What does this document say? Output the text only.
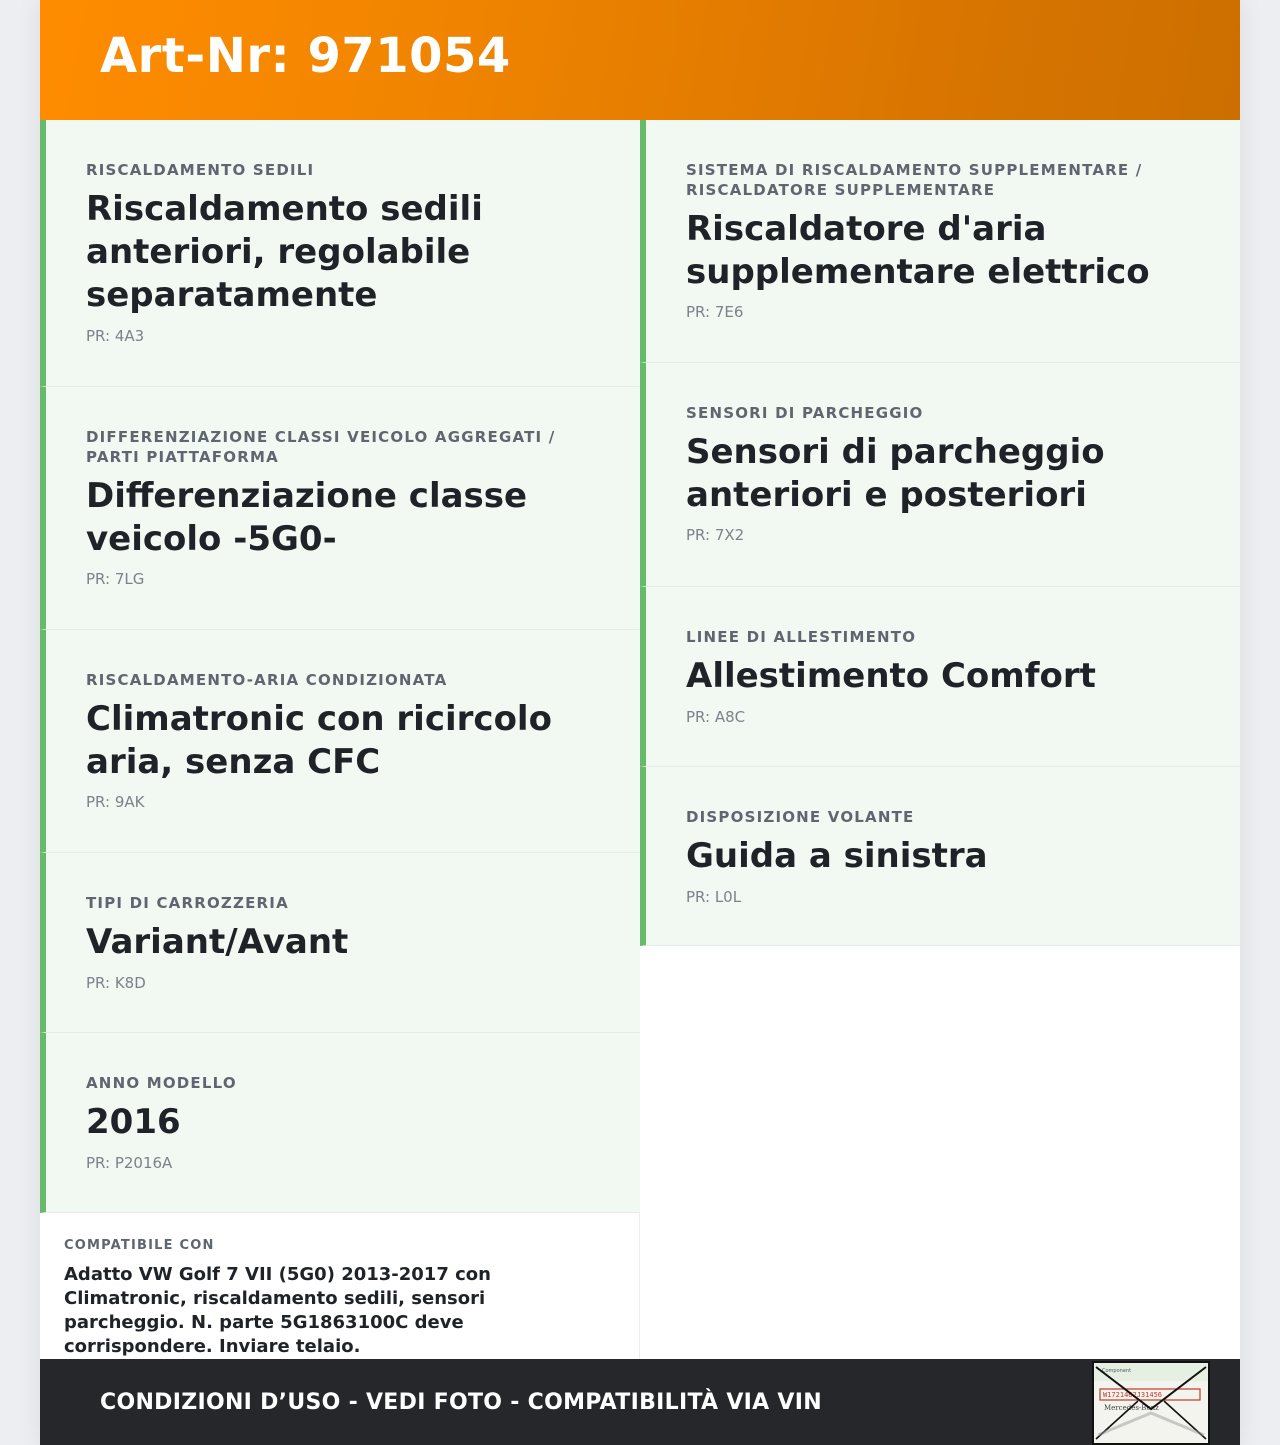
Art-Nr: 971054
RISCALDAMENTO SEDILI
Riscaldamento sedili anteriori, regolabile separatamente
PR: 4A3
DIFFERENZIAZIONE CLASSI VEICOLO AGGREGATI / PARTI PIATTAFORMA
Differenziazione classe veicolo -5G0-
PR: 7LG
RISCALDAMENTO-ARIA CONDIZIONATA
Climatronic con ricircolo aria, senza CFC
PR: 9AK
TIPI DI CARROZZERIA
Variant/Avant
PR: K8D
ANNO MODELLO
2016
PR: P2016A
SISTEMA DI RISCALDAMENTO SUPPLEMENTARE / RISCALDATORE SUPPLEMENTARE
Riscaldatore d'aria supplementare elettrico
PR: 7E6
SENSORI DI PARCHEGGIO
Sensori di parcheggio anteriori e posteriori
PR: 7X2
LINEE DI ALLESTIMENTO
Allestimento Comfort
PR: A8C
DISPOSIZIONE VOLANTE
Guida a sinistra
PR: L0L
COMPATIBILE CON
Adatto VW Golf 7 VII (5G0) 2013-2017 con Climatronic, riscaldamento sedili, sensori parcheggio. N. parte 5G1863100C deve corrispondere. Inviare telaio.
CONDIZIONI D’USO - VEDI FOTO - COMPATIBILITÀ VIA VIN
Component
W1721462J31456
Mercedes-Benz
